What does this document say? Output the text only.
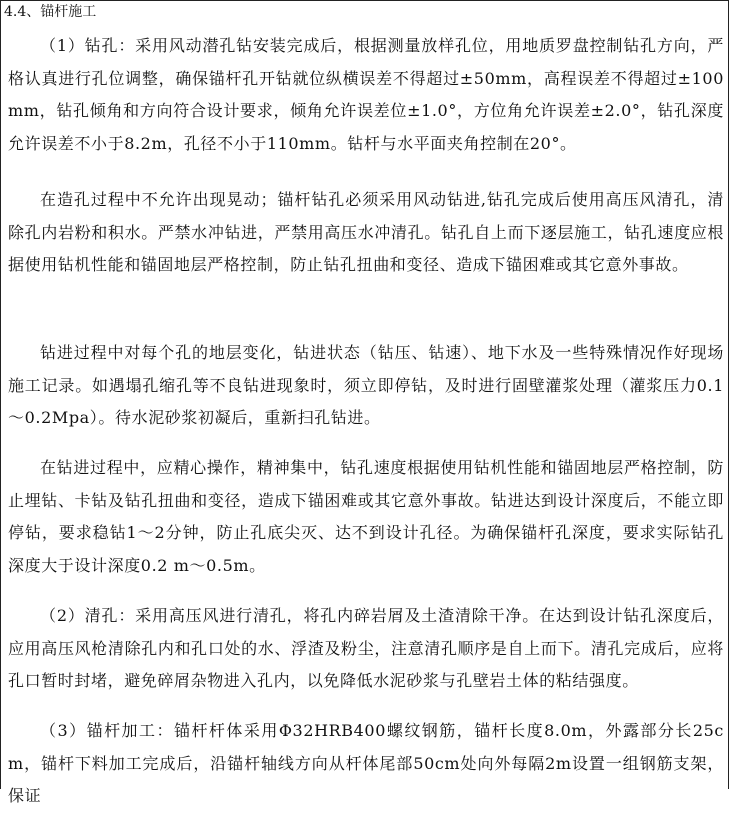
4.4、锚杆施工

（1）钻孔：采用风动潜孔钻安装完成后，根据测量放样孔位，用地质罗盘控制钻孔方向，严格认真进行孔位调整，确保锚杆孔开钻就位纵横误差不得超过±50mm，高程误差不得超过±100mm，钻孔倾角和方向符合设计要求，倾角允许误差位±1.0°，方位角允许误差±2.0°，钻孔深度允许误差不小于8.2m，孔径不小于110mm。钻杆与水平面夹角控制在20°。

在造孔过程中不允许出现晃动；锚杆钻孔必须采用风动钻进,钻孔完成后使用高压风清孔，清除孔内岩粉和积水。严禁水冲钻进，严禁用高压水冲清孔。钻孔自上而下逐层施工，钻孔速度应根据使用钻机性能和锚固地层严格控制，防止钻孔扭曲和变径、造成下锚困难或其它意外事故。

钻进过程中对每个孔的地层变化，钻进状态（钻压、钻速）、地下水及一些特殊情况作好现场施工记录。如遇塌孔缩孔等不良钻进现象时，须立即停钻，及时进行固壁灌浆处理（灌浆压力0.1～0.2Mpa）。待水泥砂浆初凝后，重新扫孔钻进。

在钻进过程中，应精心操作，精神集中，钻孔速度根据使用钻机性能和锚固地层严格控制，防止埋钻、卡钻及钻孔扭曲和变径，造成下锚困难或其它意外事故。钻进达到设计深度后，不能立即停钻，要求稳钻1～2分钟，防止孔底尖灭、达不到设计孔径。为确保锚杆孔深度，要求实际钻孔深度大于设计深度0.2 m～0.5m。

（2）清孔：采用高压风进行清孔，将孔内碎岩屑及土渣清除干净。在达到设计钻孔深度后，应用高压风枪清除孔内和孔口处的水、浮渣及粉尘，注意清孔顺序是自上而下。清孔完成后，应将孔口暂时封堵，避免碎屑杂物进入孔内，以免降低水泥砂浆与孔壁岩土体的粘结强度。

（3）锚杆加工：锚杆杆体采用Φ32HRB400螺纹钢筋，锚杆长度8.0m，外露部分长25cm，锚杆下料加工完成后，沿锚杆轴线方向从杆体尾部50cm处向外每隔2m设置一组钢筋支架，保证
